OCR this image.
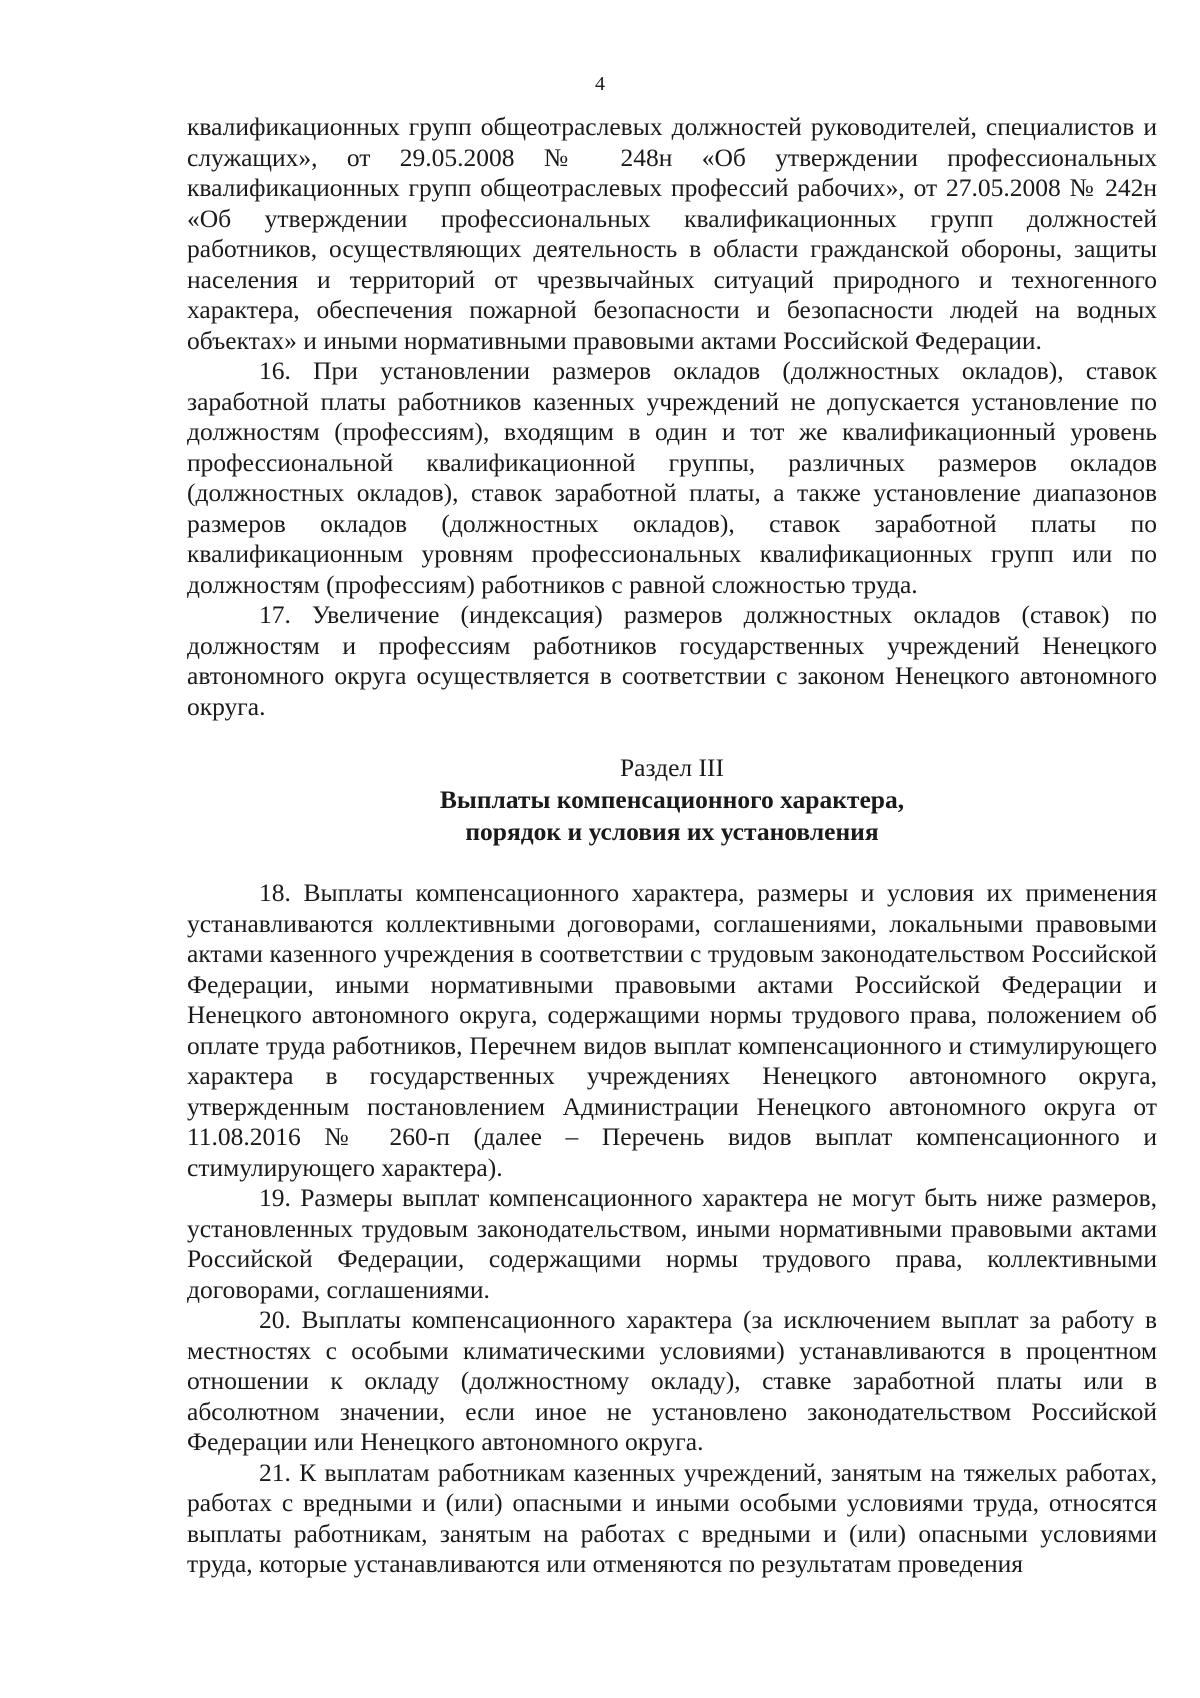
4

квалификационных групп общеотраслевых должностей руководителей, специалистов и служащих», от 29.05.2008 № 248н «Об утверждении профессиональных квалификационных групп общеотраслевых профессий рабочих», от 27.05.2008 № 242н «Об утверждении профессиональных квалификационных групп должностей работников, осуществляющих деятельность в области гражданской обороны, защиты населения и территорий от чрезвычайных ситуаций природного и техногенного характера, обеспечения пожарной безопасности и безопасности людей на водных объектах» и иными нормативными правовыми актами Российской Федерации.

16. При установлении размеров окладов (должностных окладов), ставок заработной платы работников казенных учреждений не допускается установление по должностям (профессиям), входящим в один и тот же квалификационный уровень профессиональной квалификационной группы, различных размеров окладов (должностных окладов), ставок заработной платы, а также установление диапазонов размеров окладов (должностных окладов), ставок заработной платы по квалификационным уровням профессиональных квалификационных групп или по должностям (профессиям) работников с равной сложностью труда.

17. Увеличение (индексация) размеров должностных окладов (ставок) по должностям и профессиям работников государственных учреждений Ненецкого автономного округа осуществляется в соответствии с законом Ненецкого автономного округа.

Раздел III
Выплаты компенсационного характера,
порядок и условия их установления

18. Выплаты компенсационного характера, размеры и условия их применения устанавливаются коллективными договорами, соглашениями, локальными правовыми актами казенного учреждения в соответствии с трудовым законодательством Российской Федерации, иными нормативными правовыми актами Российской Федерации и Ненецкого автономного округа, содержащими нормы трудового права, положением об оплате труда работников, Перечнем видов выплат компенсационного и стимулирующего характера в государственных учреждениях Ненецкого автономного округа, утвержденным постановлением Администрации Ненецкого автономного округа от 11.08.2016 № 260-п (далее – Перечень видов выплат компенсационного и стимулирующего характера).

19. Размеры выплат компенсационного характера не могут быть ниже размеров, установленных трудовым законодательством, иными нормативными правовыми актами Российской Федерации, содержащими нормы трудового права, коллективными договорами, соглашениями.

20. Выплаты компенсационного характера (за исключением выплат за работу в местностях с особыми климатическими условиями) устанавливаются в процентном отношении к окладу (должностному окладу), ставке заработной платы или в абсолютном значении, если иное не установлено законодательством Российской Федерации или Ненецкого автономного округа.

21. К выплатам работникам казенных учреждений, занятым на тяжелых работах, работах с вредными и (или) опасными и иными особыми условиями труда, относятся выплаты работникам, занятым на работах с вредными и (или) опасными условиями труда, которые устанавливаются или отменяются по результатам проведения
